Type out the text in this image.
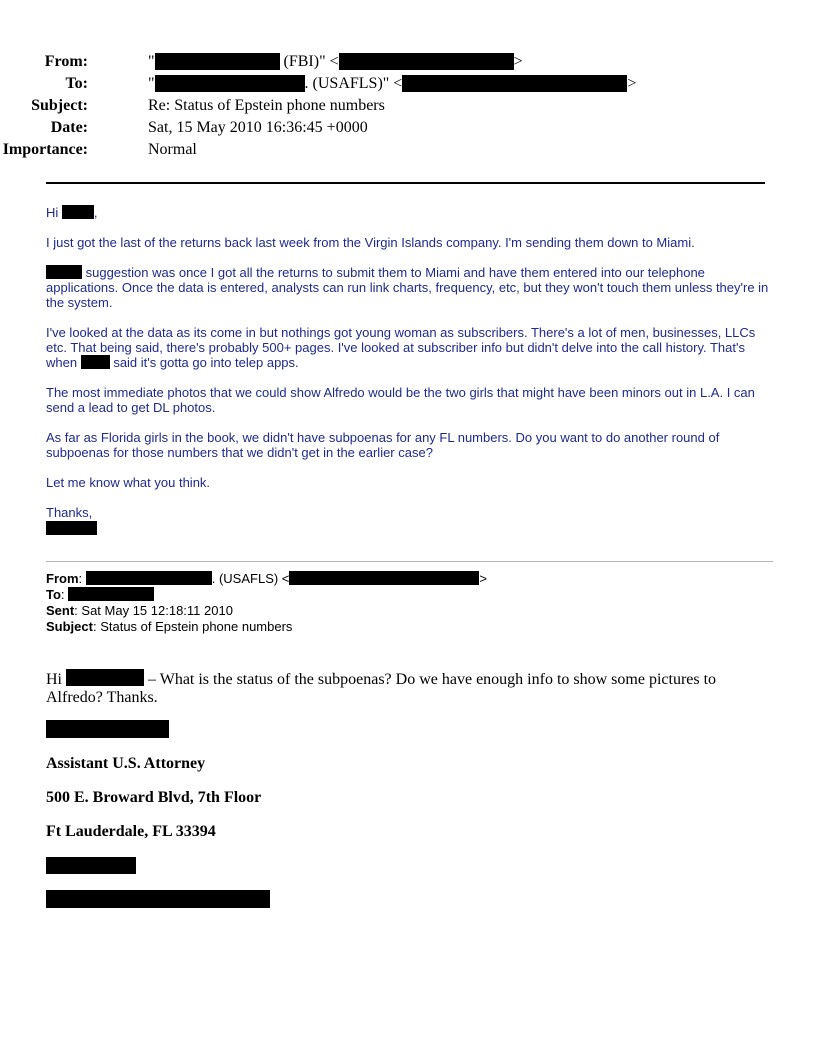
From:	"	(FBI)" <	>
To:	"	. (USAFLS)" <	>
Subject:	Re: Status of Epstein phone numbers
Date:	Sat, 15 May 2010 16:36:45 +0000
Importance:	Normal
Hi ,
I just got the last of the returns back last week from the Virgin Islands company. I'm sending them down to Miami.
suggestion was once I got all the returns to submit them to Miami and have them entered into our telephone applications. Once the data is entered, analysts can run link charts, frequency, etc, but they won't touch them unless they're in the system.
I've looked at the data as its come in but nothings got young woman as subscribers. There's a lot of men, businesses, LLCs etc. That being said, there's probably 500+ pages. I've looked at subscriber info but didn't delve into the call history. That's when  said it's gotta go into telep apps.
The most immediate photos that we could show Alfredo would be the two girls that might have been minors out in L.A. I can send a lead to get DL photos.
As far as Florida girls in the book, we didn't have subpoenas for any FL numbers. Do you want to do another round of subpoenas for those numbers that we didn't get in the earlier case?
Let me know what you think.
Thanks,
From:	. (USAFLS) <	>
To:
Sent: Sat May 15 12:18:11 2010
Subject: Status of Epstein phone numbers
Hi	– What is the status of the subpoenas? Do we have enough info to show some pictures to Alfredo? Thanks.
Assistant U.S. Attorney
500 E. Broward Blvd, 7th Floor
Ft Lauderdale, FL 33394
